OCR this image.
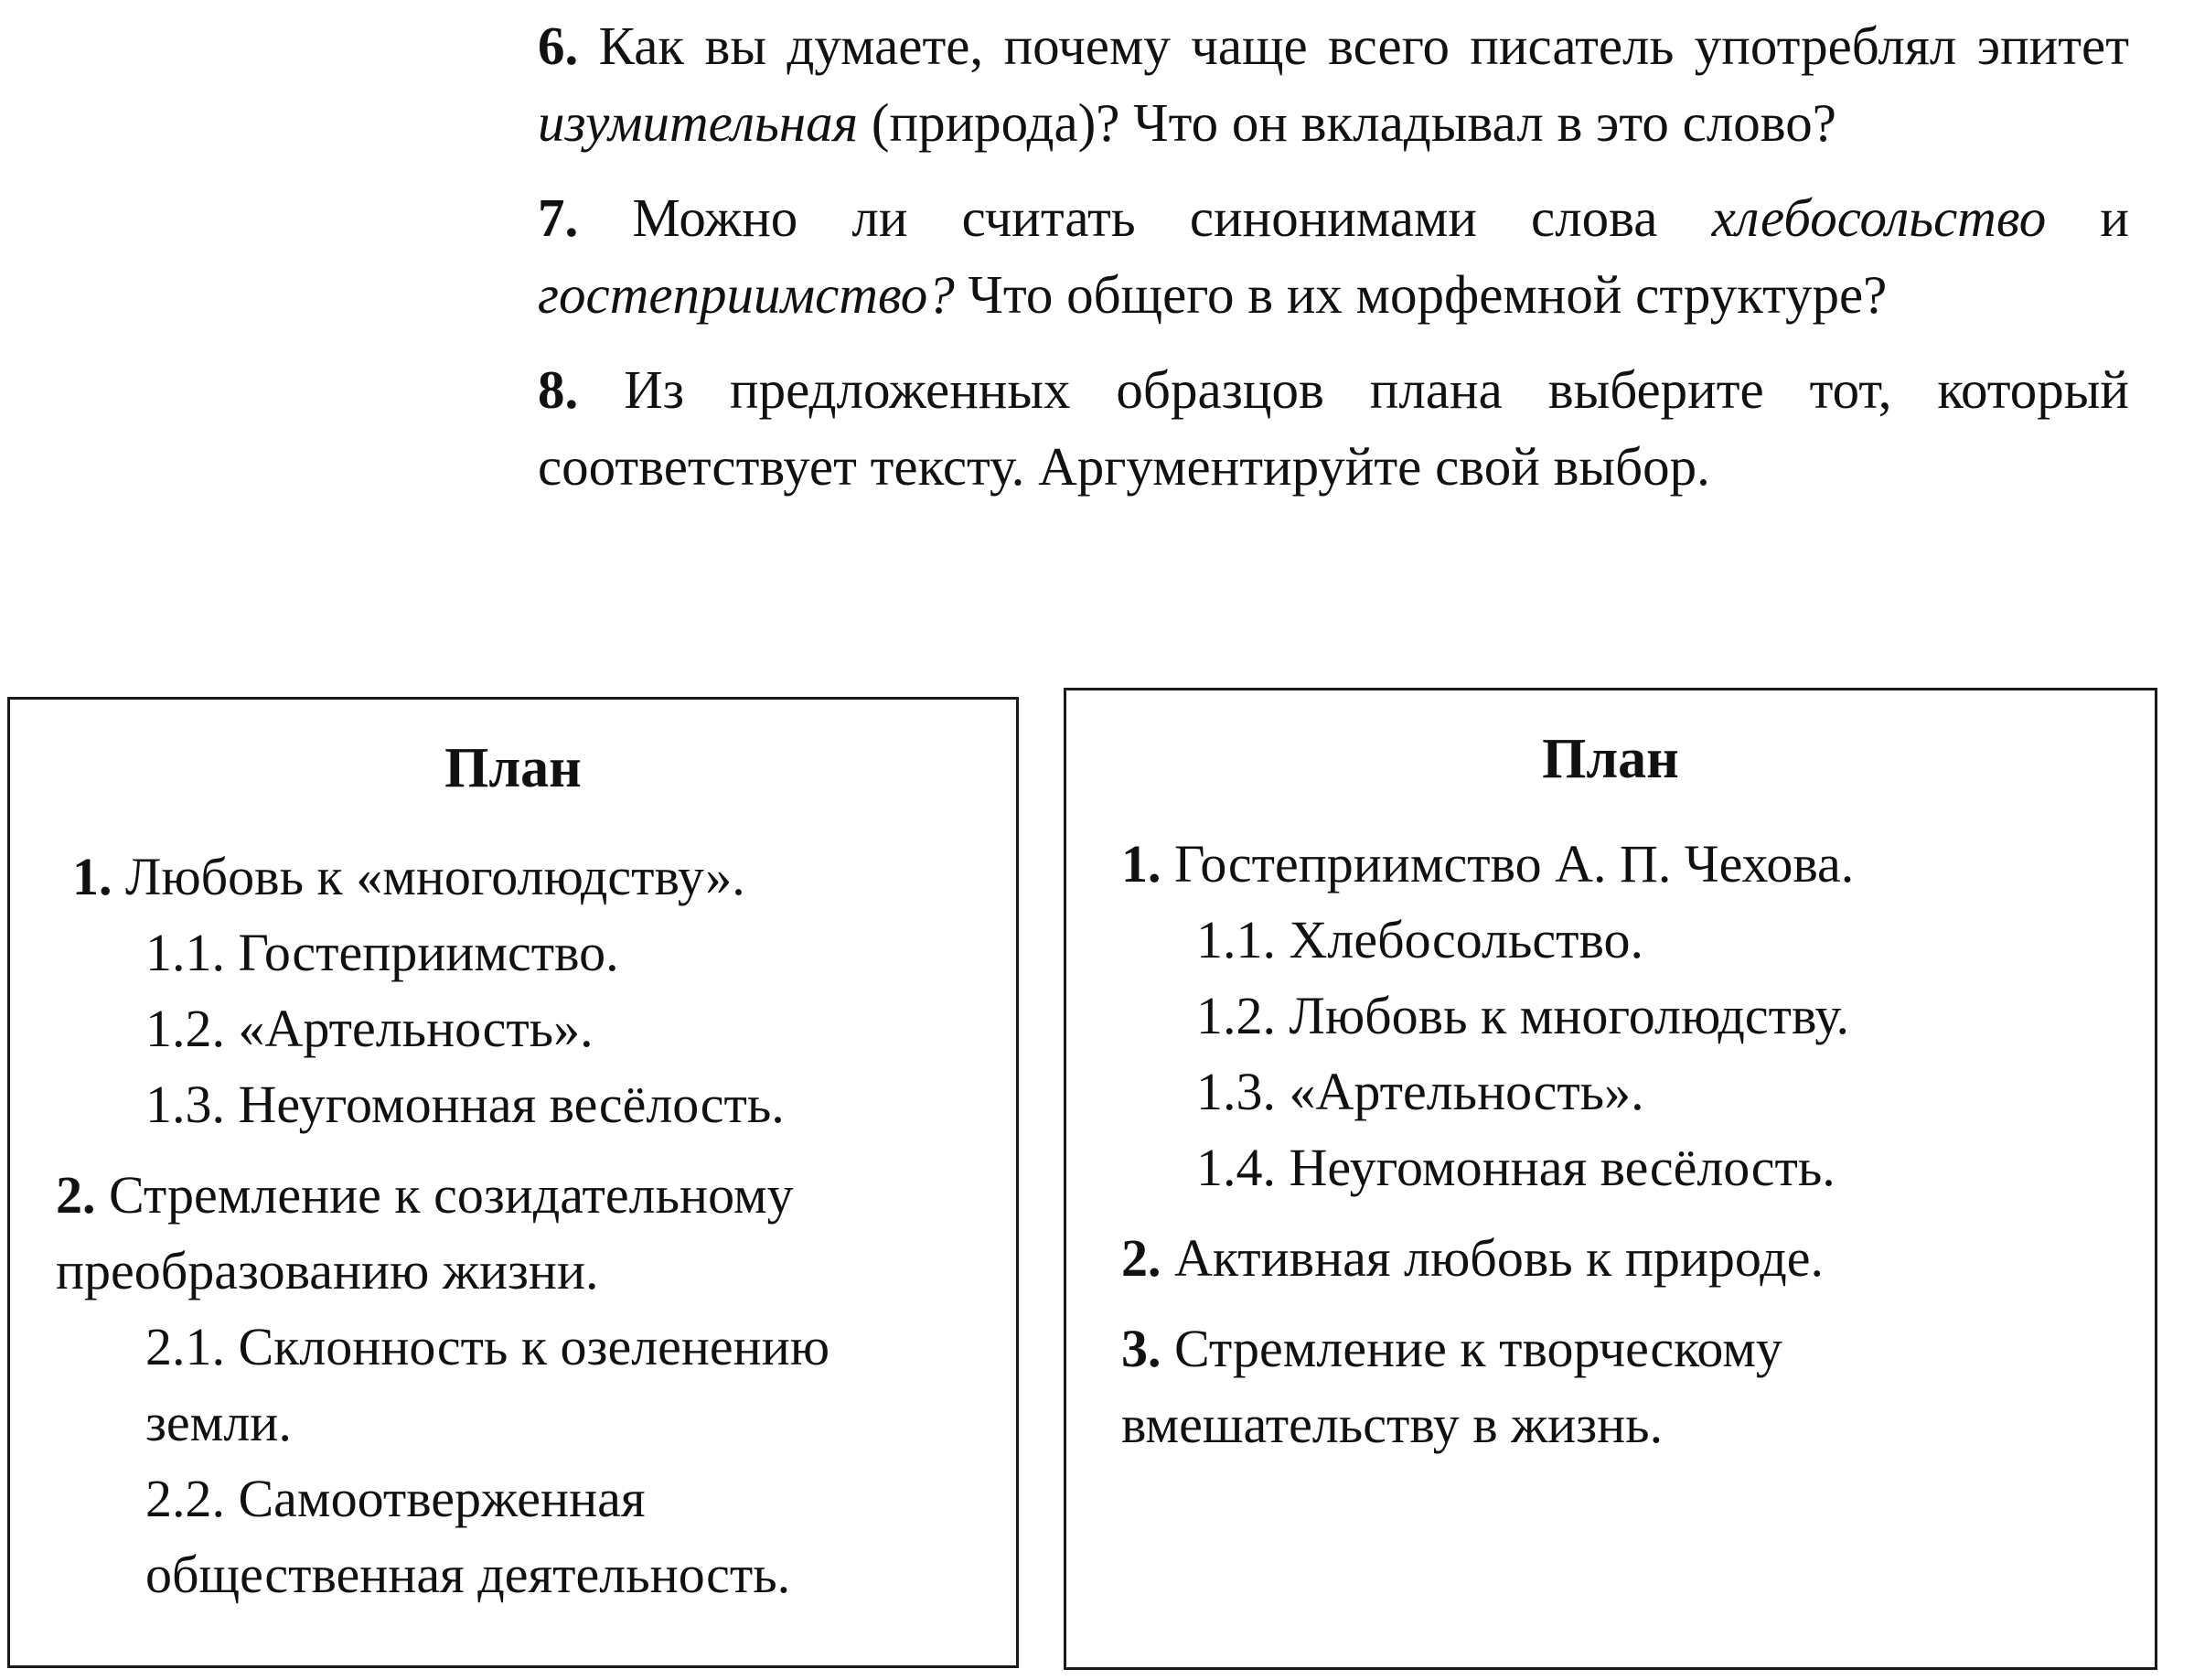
6. Как вы думаете, почему чаще всего писатель употреблял эпитет изумительная (природа)? Что он вкладывал в это слово?

7. Можно ли считать синонимами слова хлебосольство и гостеприимство? Что общего в их морфемной структуре?

8. Из предложенных образцов плана выберите тот, который соответствует тексту. Аргументируйте свой выбор.

План
1. Любовь к «многолюдству».
1.1. Гостеприимство.
1.2. «Артельность».
1.3. Неугомонная весёлость.
2. Стремление к созидательному преобразованию жизни.
2.1. Склонность к озеленению земли.
2.2. Самоотверженная общественная деятельность.
План
1. Гостеприимство А. П. Чехова.
1.1. Хлебосольство.
1.2. Любовь к многолюдству.
1.3. «Артельность».
1.4. Неугомонная весёлость.
2. Активная любовь к природе.
3. Стремление к творческому вмешательству в жизнь.
